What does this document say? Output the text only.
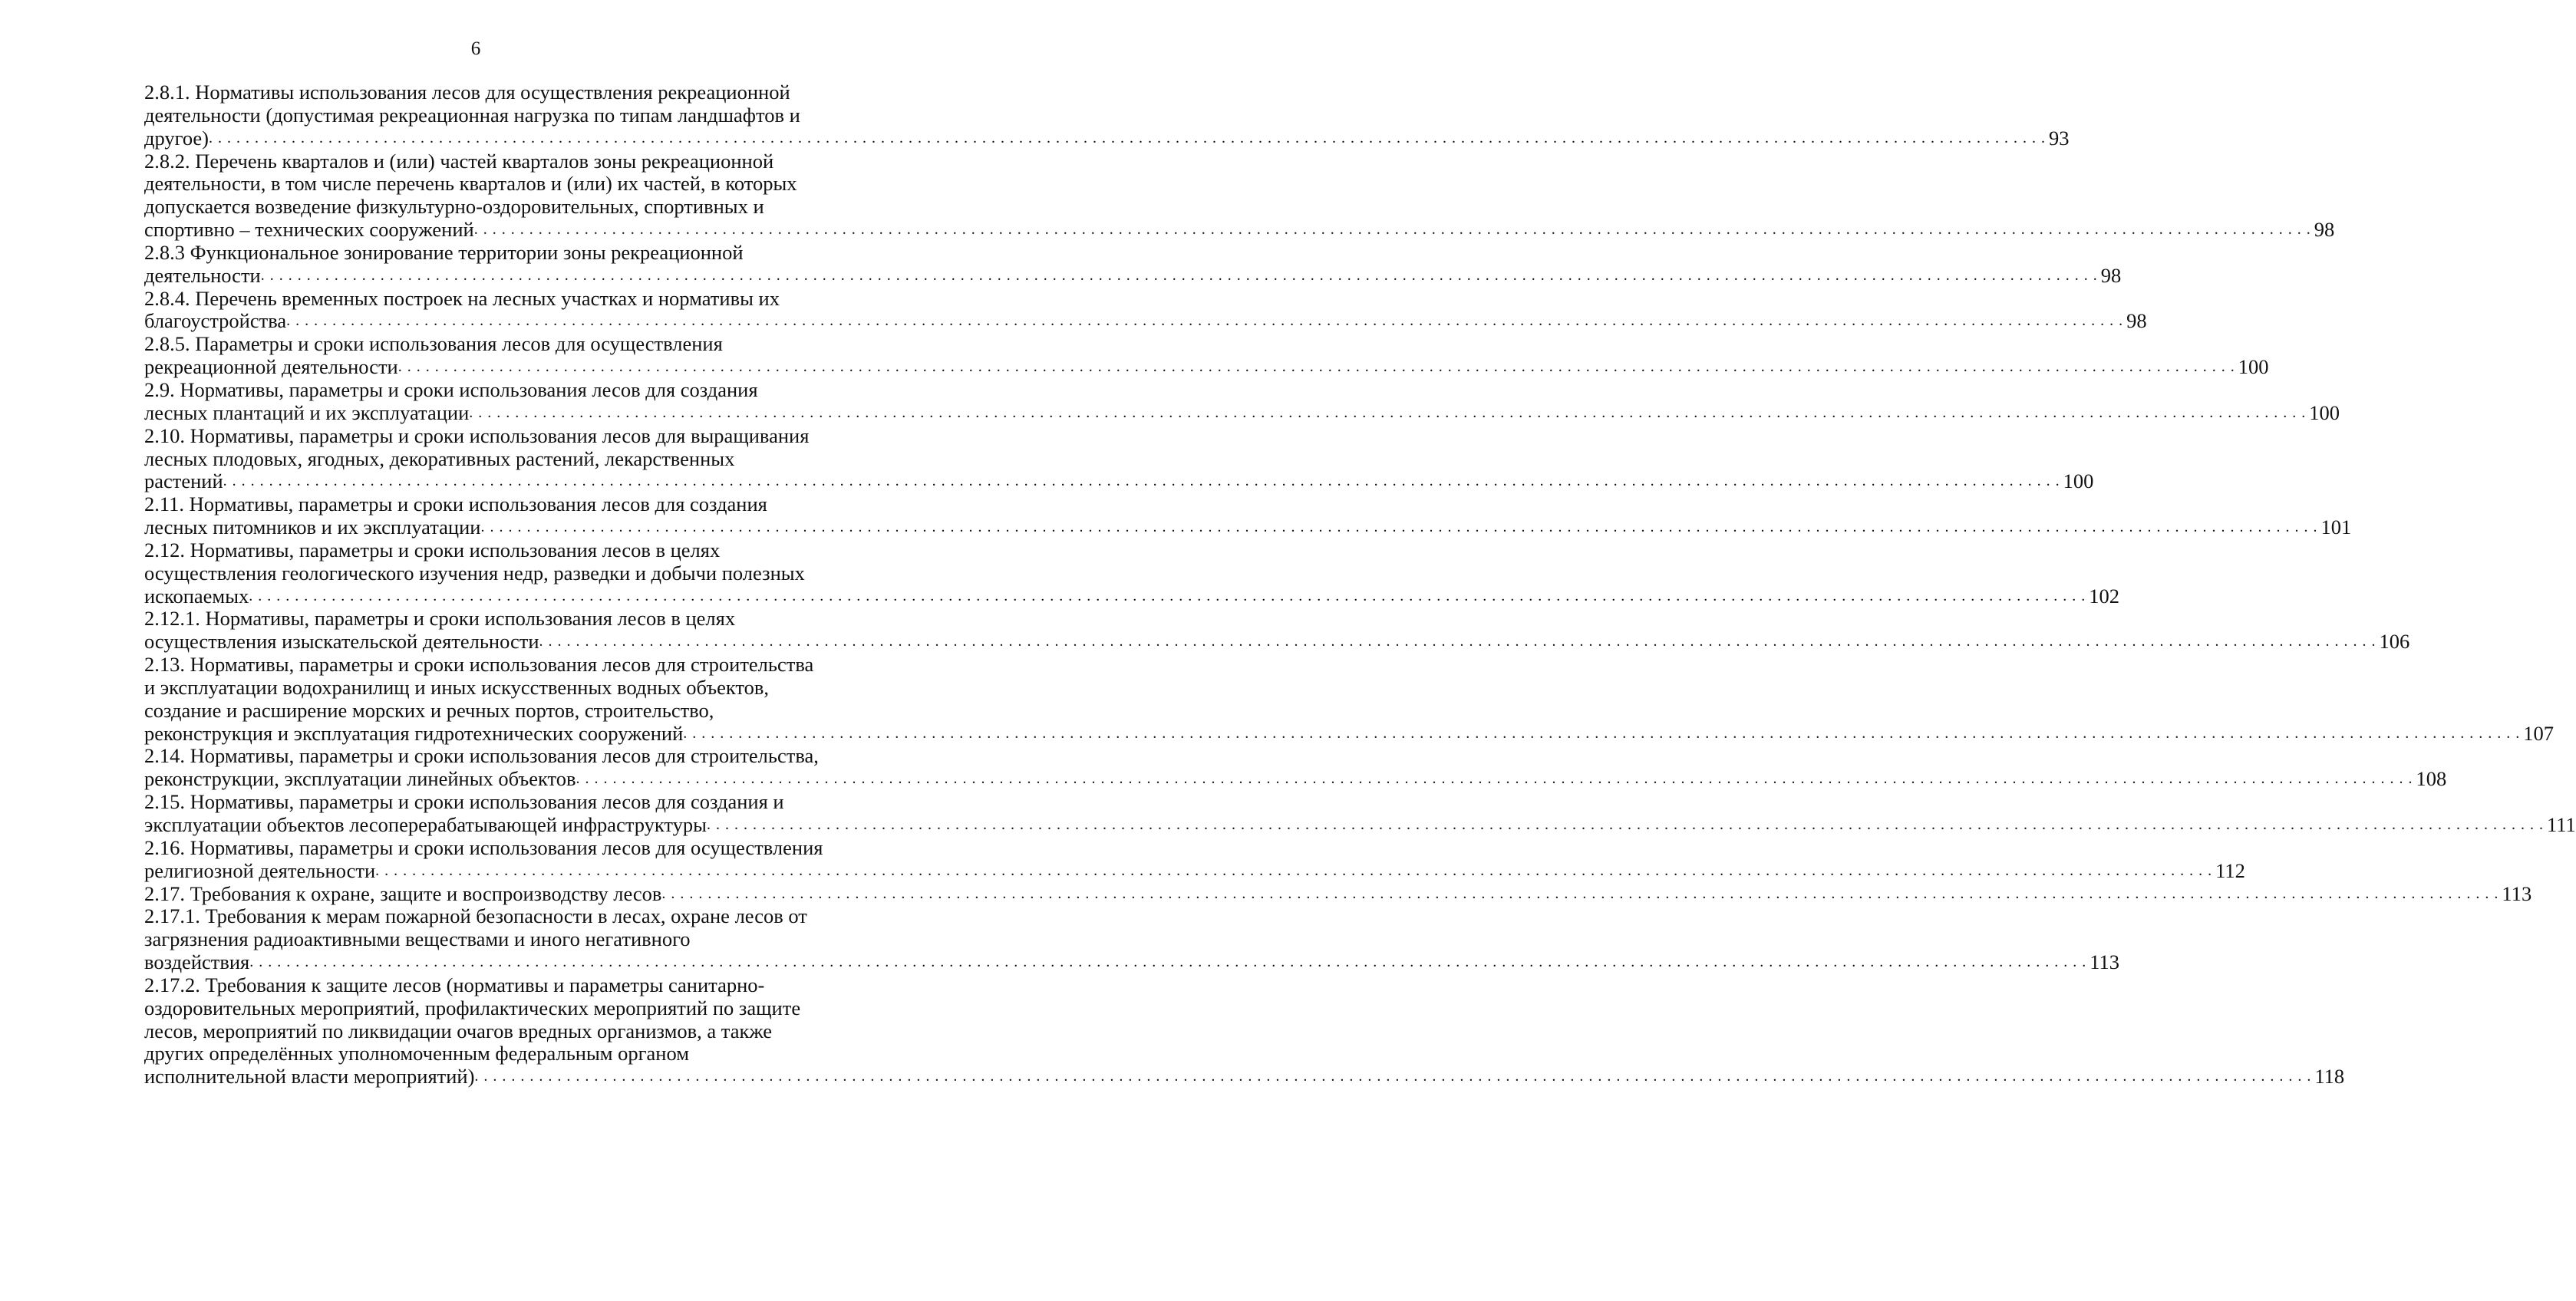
6
2.8.1. Нормативы использования лесов для осуществления рекреационной
деятельности (допустимая рекреационная нагрузка по типам ландшафтов и
другое) . . . . . . . . . . . . . . . . . . . . . . . . . . . . . . . . . . . . . . . . . . . . . . . . . . . . . . . . . . . . . . . . . . . . . . . . . . . . . . . . . . . . . . . . . . . . . . . . . . . . . . . . . . . . . . . . . . . . . . . . . . . . . . . . . . . . . . . . . . . . . . . . . . . . . . . . . . . . . . . . . . . . . . . . . . . . . . . . . . . . . . . . . . . . . . . . . . . . . . . . 93
2.8.2. Перечень кварталов и (или) частей кварталов зоны рекреационной
деятельности, в том числе перечень кварталов и (или) их частей, в которых
допускается возведение физкультурно-оздоровительных, спортивных и
спортивно – технических сооружений . . . . . . . . . . . . . . . . . . . . . . . . . . . . . . . . . . . . . . . . . . . . . . . . . . . . . . . . . . . . . . . . . . . . . . . . . . . . . . . . . . . . . . . . . . . . . . . . . . . . . . . . . . . . . . . . . . . . . . . . . . . . . . . . . . . . . . . . . . . . . . . . . . . . . . . . . . . . . . . . . . . . . . . . . . . . . . . . . . . . . . . . . . . . . . . . . . . . . . . . 98
2.8.3 Функциональное зонирование территории зоны рекреационной
деятельности . . . . . . . . . . . . . . . . . . . . . . . . . . . . . . . . . . . . . . . . . . . . . . . . . . . . . . . . . . . . . . . . . . . . . . . . . . . . . . . . . . . . . . . . . . . . . . . . . . . . . . . . . . . . . . . . . . . . . . . . . . . . . . . . . . . . . . . . . . . . . . . . . . . . . . . . . . . . . . . . . . . . . . . . . . . . . . . . . . . . . . . . . . . . . . . . . . . . . . . . 98
2.8.4. Перечень временных построек на лесных участках и нормативы их
благоустройства . . . . . . . . . . . . . . . . . . . . . . . . . . . . . . . . . . . . . . . . . . . . . . . . . . . . . . . . . . . . . . . . . . . . . . . . . . . . . . . . . . . . . . . . . . . . . . . . . . . . . . . . . . . . . . . . . . . . . . . . . . . . . . . . . . . . . . . . . . . . . . . . . . . . . . . . . . . . . . . . . . . . . . . . . . . . . . . . . . . . . . . . . . . . . . . . . . . . . . . . 98
2.8.5. Параметры и сроки использования лесов для осуществления
рекреационной деятельности . . . . . . . . . . . . . . . . . . . . . . . . . . . . . . . . . . . . . . . . . . . . . . . . . . . . . . . . . . . . . . . . . . . . . . . . . . . . . . . . . . . . . . . . . . . . . . . . . . . . . . . . . . . . . . . . . . . . . . . . . . . . . . . . . . . . . . . . . . . . . . . . . . . . . . . . . . . . . . . . . . . . . . . . . . . . . . . . . . . . . . . . . . . . . . . . . . . . . . . . 100
2.9. Нормативы, параметры и сроки использования лесов для создания
лесных плантаций и их эксплуатации . . . . . . . . . . . . . . . . . . . . . . . . . . . . . . . . . . . . . . . . . . . . . . . . . . . . . . . . . . . . . . . . . . . . . . . . . . . . . . . . . . . . . . . . . . . . . . . . . . . . . . . . . . . . . . . . . . . . . . . . . . . . . . . . . . . . . . . . . . . . . . . . . . . . . . . . . . . . . . . . . . . . . . . . . . . . . . . . . . . . . . . . . . . . . . . . . . . . . . . . 100
2.10. Нормативы, параметры и сроки использования лесов для выращивания
лесных плодовых, ягодных, декоративных растений, лекарственных
растений . . . . . . . . . . . . . . . . . . . . . . . . . . . . . . . . . . . . . . . . . . . . . . . . . . . . . . . . . . . . . . . . . . . . . . . . . . . . . . . . . . . . . . . . . . . . . . . . . . . . . . . . . . . . . . . . . . . . . . . . . . . . . . . . . . . . . . . . . . . . . . . . . . . . . . . . . . . . . . . . . . . . . . . . . . . . . . . . . . . . . . . . . . . . . . . . . . . . . . . . 100
2.11. Нормативы, параметры и сроки использования лесов для создания
лесных питомников и их эксплуатации . . . . . . . . . . . . . . . . . . . . . . . . . . . . . . . . . . . . . . . . . . . . . . . . . . . . . . . . . . . . . . . . . . . . . . . . . . . . . . . . . . . . . . . . . . . . . . . . . . . . . . . . . . . . . . . . . . . . . . . . . . . . . . . . . . . . . . . . . . . . . . . . . . . . . . . . . . . . . . . . . . . . . . . . . . . . . . . . . . . . . . . . . . . . . . . . . . . . . . . . 101
2.12. Нормативы, параметры и сроки использования лесов в целях
осуществления геологического изучения недр, разведки и добычи полезных
ископаемых . . . . . . . . . . . . . . . . . . . . . . . . . . . . . . . . . . . . . . . . . . . . . . . . . . . . . . . . . . . . . . . . . . . . . . . . . . . . . . . . . . . . . . . . . . . . . . . . . . . . . . . . . . . . . . . . . . . . . . . . . . . . . . . . . . . . . . . . . . . . . . . . . . . . . . . . . . . . . . . . . . . . . . . . . . . . . . . . . . . . . . . . . . . . . . . . . . . . . . . . 102
2.12.1. Нормативы, параметры и сроки использования лесов в целях
осуществления изыскательской деятельности . . . . . . . . . . . . . . . . . . . . . . . . . . . . . . . . . . . . . . . . . . . . . . . . . . . . . . . . . . . . . . . . . . . . . . . . . . . . . . . . . . . . . . . . . . . . . . . . . . . . . . . . . . . . . . . . . . . . . . . . . . . . . . . . . . . . . . . . . . . . . . . . . . . . . . . . . . . . . . . . . . . . . . . . . . . . . . . . . . . . . . . . . . . . . . . . . . . . . . . . 106
2.13. Нормативы, параметры и сроки использования лесов для строительства
и эксплуатации водохранилищ и иных искусственных водных объектов,
создание и расширение морских и речных портов, строительство,
реконструкция и эксплуатация гидротехнических сооружений . . . . . . . . . . . . . . . . . . . . . . . . . . . . . . . . . . . . . . . . . . . . . . . . . . . . . . . . . . . . . . . . . . . . . . . . . . . . . . . . . . . . . . . . . . . . . . . . . . . . . . . . . . . . . . . . . . . . . . . . . . . . . . . . . . . . . . . . . . . . . . . . . . . . . . . . . . . . . . . . . . . . . . . . . . . . . . . . . . . . . . . . . . . . . . . . . . . . . . . . 107
2.14. Нормативы, параметры и сроки использования лесов для строительства,
реконструкции, эксплуатации линейных объектов . . . . . . . . . . . . . . . . . . . . . . . . . . . . . . . . . . . . . . . . . . . . . . . . . . . . . . . . . . . . . . . . . . . . . . . . . . . . . . . . . . . . . . . . . . . . . . . . . . . . . . . . . . . . . . . . . . . . . . . . . . . . . . . . . . . . . . . . . . . . . . . . . . . . . . . . . . . . . . . . . . . . . . . . . . . . . . . . . . . . . . . . . . . . . . . . . . . . . . . . 108
2.15. Нормативы, параметры и сроки использования лесов для создания и
эксплуатации объектов лесоперерабатывающей инфраструктуры . . . . . . . . . . . . . . . . . . . . . . . . . . . . . . . . . . . . . . . . . . . . . . . . . . . . . . . . . . . . . . . . . . . . . . . . . . . . . . . . . . . . . . . . . . . . . . . . . . . . . . . . . . . . . . . . . . . . . . . . . . . . . . . . . . . . . . . . . . . . . . . . . . . . . . . . . . . . . . . . . . . . . . . . . . . . . . . . . . . . . . . . . . . . . . . . . . . . . . . . 111
2.16. Нормативы, параметры и сроки использования лесов для осуществления
религиозной деятельности . . . . . . . . . . . . . . . . . . . . . . . . . . . . . . . . . . . . . . . . . . . . . . . . . . . . . . . . . . . . . . . . . . . . . . . . . . . . . . . . . . . . . . . . . . . . . . . . . . . . . . . . . . . . . . . . . . . . . . . . . . . . . . . . . . . . . . . . . . . . . . . . . . . . . . . . . . . . . . . . . . . . . . . . . . . . . . . . . . . . . . . . . . . . . . . . . . . . . . . . 112
2.17. Требования к охране, защите и воспроизводству лесов . . . . . . . . . . . . . . . . . . . . . . . . . . . . . . . . . . . . . . . . . . . . . . . . . . . . . . . . . . . . . . . . . . . . . . . . . . . . . . . . . . . . . . . . . . . . . . . . . . . . . . . . . . . . . . . . . . . . . . . . . . . . . . . . . . . . . . . . . . . . . . . . . . . . . . . . . . . . . . . . . . . . . . . . . . . . . . . . . . . . . . . . . . . . . . . . . . . . . . . . 113
2.17.1. Требования к мерам пожарной безопасности в лесах, охране лесов от
загрязнения радиоактивными веществами и иного негативного
воздействия . . . . . . . . . . . . . . . . . . . . . . . . . . . . . . . . . . . . . . . . . . . . . . . . . . . . . . . . . . . . . . . . . . . . . . . . . . . . . . . . . . . . . . . . . . . . . . . . . . . . . . . . . . . . . . . . . . . . . . . . . . . . . . . . . . . . . . . . . . . . . . . . . . . . . . . . . . . . . . . . . . . . . . . . . . . . . . . . . . . . . . . . . . . . . . . . . . . . . . . . 113
2.17.2. Требования к защите лесов (нормативы и параметры санитарно-
оздоровительных мероприятий, профилактических мероприятий по защите
лесов, мероприятий по ликвидации очагов вредных организмов, а также
других определённых уполномоченным федеральным органом
исполнительной власти мероприятий) . . . . . . . . . . . . . . . . . . . . . . . . . . . . . . . . . . . . . . . . . . . . . . . . . . . . . . . . . . . . . . . . . . . . . . . . . . . . . . . . . . . . . . . . . . . . . . . . . . . . . . . . . . . . . . . . . . . . . . . . . . . . . . . . . . . . . . . . . . . . . . . . . . . . . . . . . . . . . . . . . . . . . . . . . . . . . . . . . . . . . . . . . . . . . . . . . . . . . . . . 118
